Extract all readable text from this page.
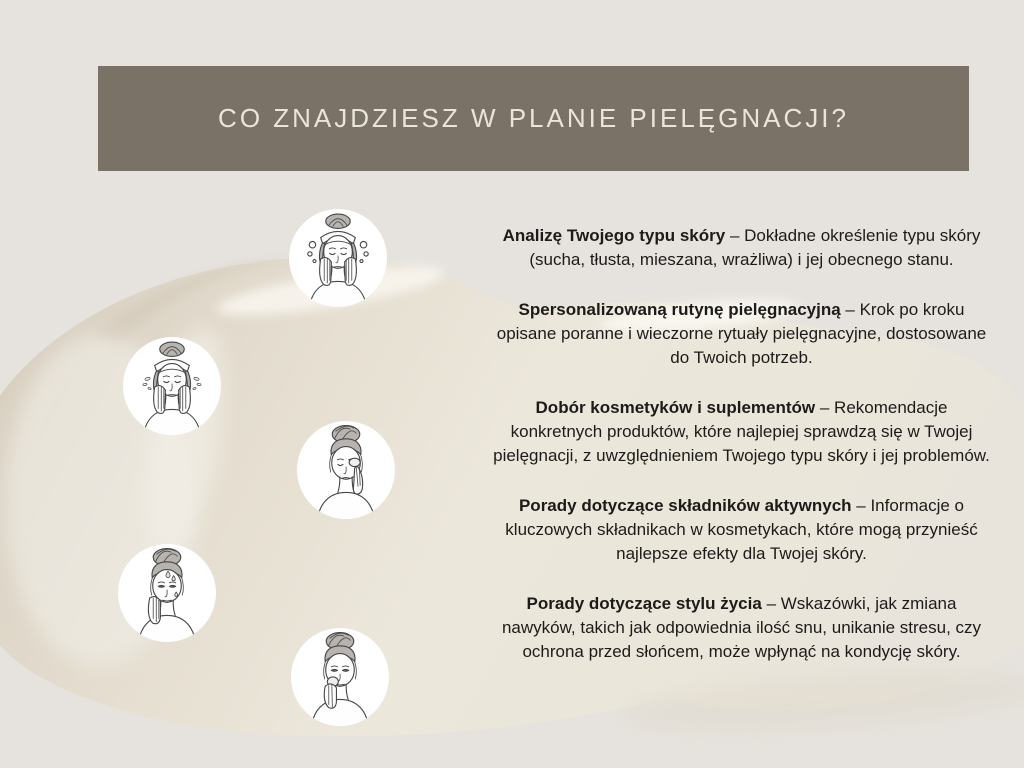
CO ZNAJDZIESZ W PLANIE PIELĘGNACJI?

Analizę Twojego typu skóry – Dokładne określenie typu skóry (sucha, tłusta, mieszana, wrażliwa) i jej obecnego stanu.

Spersonalizowaną rutynę pielęgnacyjną – Krok po kroku opisane poranne i wieczorne rytuały pielęgnacyjne, dostosowane do Twoich potrzeb.

Dobór kosmetyków i suplementów – Rekomendacje konkretnych produktów, które najlepiej sprawdzą się w Twojej pielęgnacji, z uwzględnieniem Twojego typu skóry i jej problemów.

Porady dotyczące składników aktywnych – Informacje o kluczowych składnikach w kosmetykach, które mogą przynieść najlepsze efekty dla Twojej skóry.

Porady dotyczące stylu życia – Wskazówki, jak zmiana nawyków, takich jak odpowiednia ilość snu, unikanie stresu, czy ochrona przed słońcem, może wpłynąć na kondycję skóry.
